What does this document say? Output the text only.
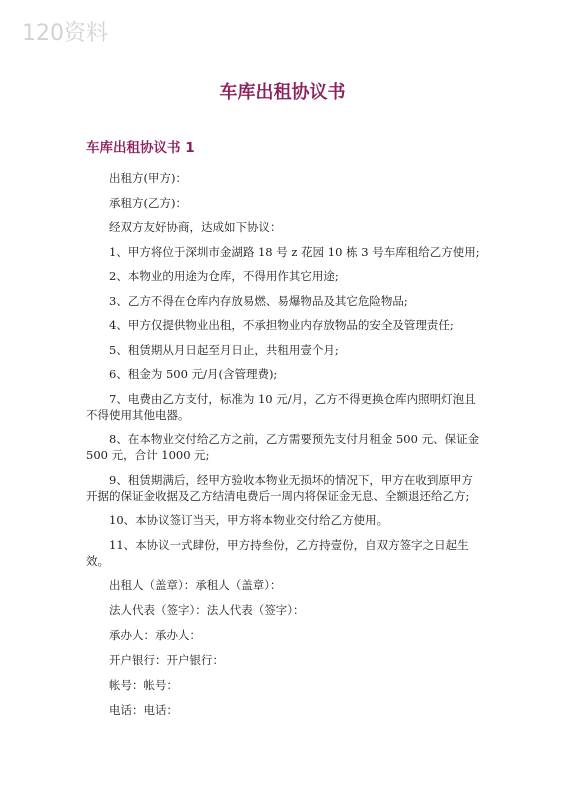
120资料
车库出租协议书
车库出租协议书 1

出租方(甲方)：

承租方(乙方)：

经双方友好协商，达成如下协议：

1、甲方将位于深圳市金湖路 18 号 z 花园 10 栋 3 号车库租给乙方使用;

2、本物业的用途为仓库，不得用作其它用途;

3、乙方不得在仓库内存放易燃、易爆物品及其它危险物品;

4、甲方仅提供物业出租，不承担物业内存放物品的安全及管理责任;

5、租赁期从月日起至月日止，共租用壹个月;

6、租金为 500 元/月(含管理费);

7、电费由乙方支付，标准为 10 元/月，乙方不得更换仓库内照明灯泡且不得使用其他电器。

8、在本物业交付给乙方之前，乙方需要预先支付月租金 500 元、保证金 500 元，合计 1000 元;

9、租赁期满后，经甲方验收本物业无损坏的情况下，甲方在收到原甲方开据的保证金收据及乙方结清电费后一周内将保证金无息、全额退还给乙方;

10、本协议签订当天，甲方将本物业交付给乙方使用。

11、本协议一式肆份，甲方持叁份，乙方持壹份，自双方签字之日起生效。

出租人（盖章）：承租人（盖章）：

法人代表（签字）：法人代表（签字）：

承办人：承办人：

开户银行：开户银行：

帐号：帐号：

电话：电话：
